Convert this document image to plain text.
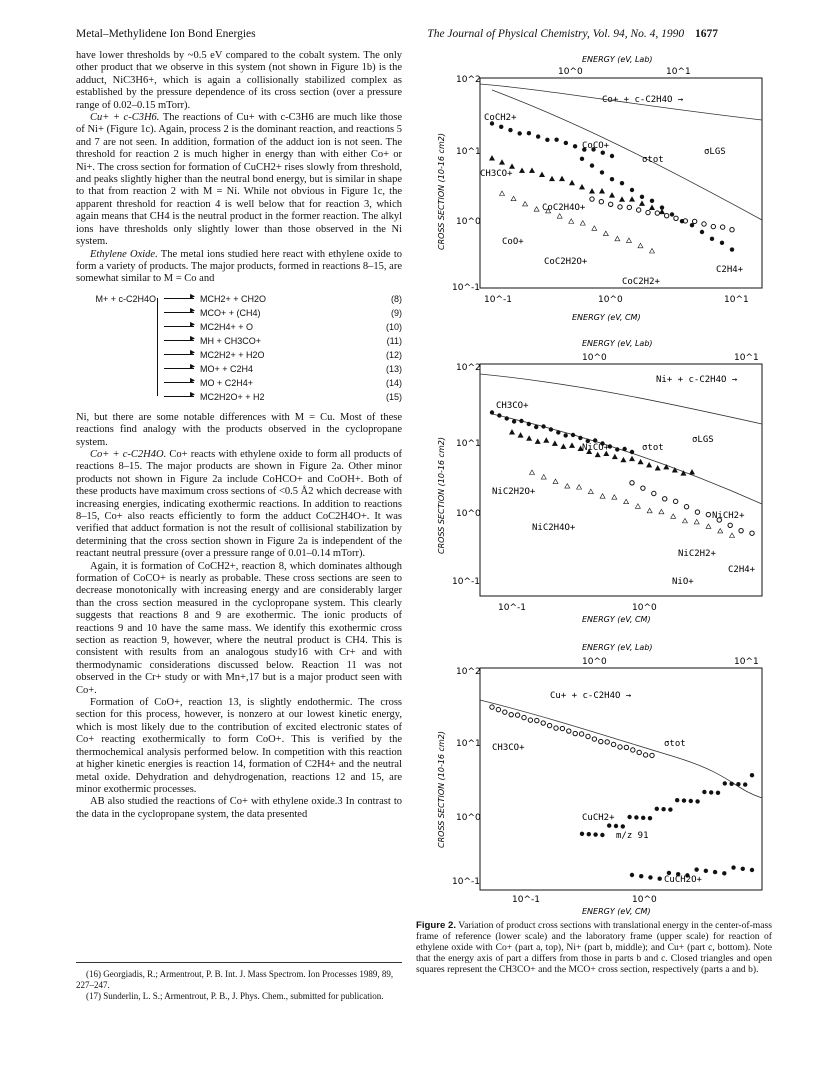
Metal–Methylidene Ion Bond Energies	The Journal of Physical Chemistry, Vol. 94, No. 4, 1990 1677

have lower thresholds by ~0.5 eV compared to the cobalt system. The only other product that we observe in this system (not shown in Figure 1b) is the adduct, NiC3H6+, which is again a collisionally stabilized complex as established by the pressure dependence of its cross section (over a pressure range of 0.02–0.15 mTorr).

Cu+ + c-C3H6. The reactions of Cu+ with c-C3H6 are much like those of Ni+ (Figure 1c). Again, process 2 is the dominant reaction, and reactions 5 and 7 are not seen. In addition, formation of the adduct ion is not seen. The threshold for reaction 2 is much higher in energy than with either Co+ or Ni+. The cross section for formation of CuCH2+ rises slowly from threshold, and peaks slightly higher than the neutral bond energy, but is similar in shape to that from reaction 2 with M = Ni. While not obvious in Figure 1c, the apparent threshold for reaction 4 is well below that for reaction 3, which again means that CH4 is the neutral product in the former reaction. The alkyl ions have thresholds only slightly lower than those observed in the Ni system.

Ethylene Oxide. The metal ions studied here react with ethylene oxide to form a variety of products. The major products, formed in reactions 8–15, are somewhat similar to M = Co and

M+ + c-C2H4O
▸	MCH2+ + CH2O	(8)
▸
MCO+ + (CH4)	(9)
▸
MC2H4+ + O	(10)
▸
MH + CH3CO+	(11)
▸
MC2H2+ + H2O	(12)
▸
MO+ + C2H4	(13)
▸
MO + C2H4+	(14)
▸
MC2H2O+ + H2	(15)

Ni, but there are some notable differences with M = Cu. Most of these reactions find analogy with the products observed in the cyclopropane system.

Co+ + c-C2H4O. Co+ reacts with ethylene oxide to form all products of reactions 8–15. The major products are shown in Figure 2a. Other minor products not shown in Figure 2a include CoHCO+ and CoOH+. Both of these products have maximum cross sections of <0.5 Å2 which decrease with increasing energies, indicating exothermic reactions. In addition to reactions 8–15, Co+ also reacts efficiently to form the adduct CoC2H4O+. It was verified that adduct formation is not the result of collisional stabilization by determining that the cross section shown in Figure 2a is independent of the reactant neutral pressure (over a pressure range of 0.01–0.14 mTorr).

Again, it is formation of CoCH2+, reaction 8, which dominates although formation of CoCO+ is nearly as probable. These cross sections are seen to decrease monotonically with increasing energy and are considerably larger than the cross section measured in the cyclopropane system. This clearly suggests that reactions 8 and 9 are exothermic. The ionic products of reactions 9 and 10 have the same mass. We identify this exothermic cross section as reaction 9, however, where the neutral product is CH4. This is consistent with results from an analogous study16 with Cr+ and with thermodynamic considerations discussed below. Reaction 11 was not observed in the Cr+ study or with Mn+,17 but is a major product seen with Co+.

Formation of CoO+, reaction 13, is slightly endothermic. The cross section for this process, however, is nonzero at our lowest kinetic energy, which is most likely due to the contribution of excited electronic states of Co+ reacting exothermically to form CoO+. This is verified by the thermochemical analysis performed below. In competition with this reaction at higher kinetic energies is reaction 14, formation of C2H4+ and the neutral metal oxide. Dehydration and dehydrogenation, reactions 12 and 15, are minor exothermic processes.

AB also studied the reactions of Co+ with ethylene oxide.3 In contrast to the data in the cyclopropane system, the data presented

(16) Georgiadis, R.; Armentrout, P. B. Int. J. Mass Spectrom. Ion Processes 1989, 89, 227–247.

(17) Sunderlin, L. S.; Armentrout, P. B., J. Phys. Chem., submitted for publication.

ENERGY (eV, Lab)
10^0	10^1
10^2
10^1
10^0
10^-1
10^-1	10^0	10^1
ENERGY (eV, CM)
CROSS SECTION (10-16 cm2)
Co+ + c-C2H4O →
CoCH2+
CoCO+
σtot
σLGS
CH3CO+
CoC2H4O+
CoO+
CoC2H2O+
CoC2H2+
C2H4+
ENERGY (eV, Lab)
10^0	10^1
10^2
10^1
10^0
10^-1
10^-1	10^0
ENERGY (eV, CM)
CROSS SECTION (10-16 cm2)
Ni+ + c-C2H4O →
CH3CO+
NiCO+	σtot
σLGS
NiC2H2O+
NiCH2+
NiC2H4O+
NiC2H2+
NiO+
C2H4+
ENERGY (eV, Lab)
10^0	10^1
10^2
10^1
10^0
10^-1
10^-1	10^0
ENERGY (eV, CM)
CROSS SECTION (10-16 cm2)
Cu+ + c-C2H4O →
CH3CO+	σtot
CuCH2+
m/z 91
CuCH2O+
Figure 2. Variation of product cross sections with translational energy in the center-of-mass frame of reference (lower scale) and the laboratory frame (upper scale) for reaction of ethylene oxide with Co+ (part a, top), Ni+ (part b, middle); and Cu+ (part c, bottom). Note that the energy axis of part a differs from those in parts b and c. Closed triangles and open squares represent the CH3CO+ and the MCO+ cross section, respectively (parts a and b).
